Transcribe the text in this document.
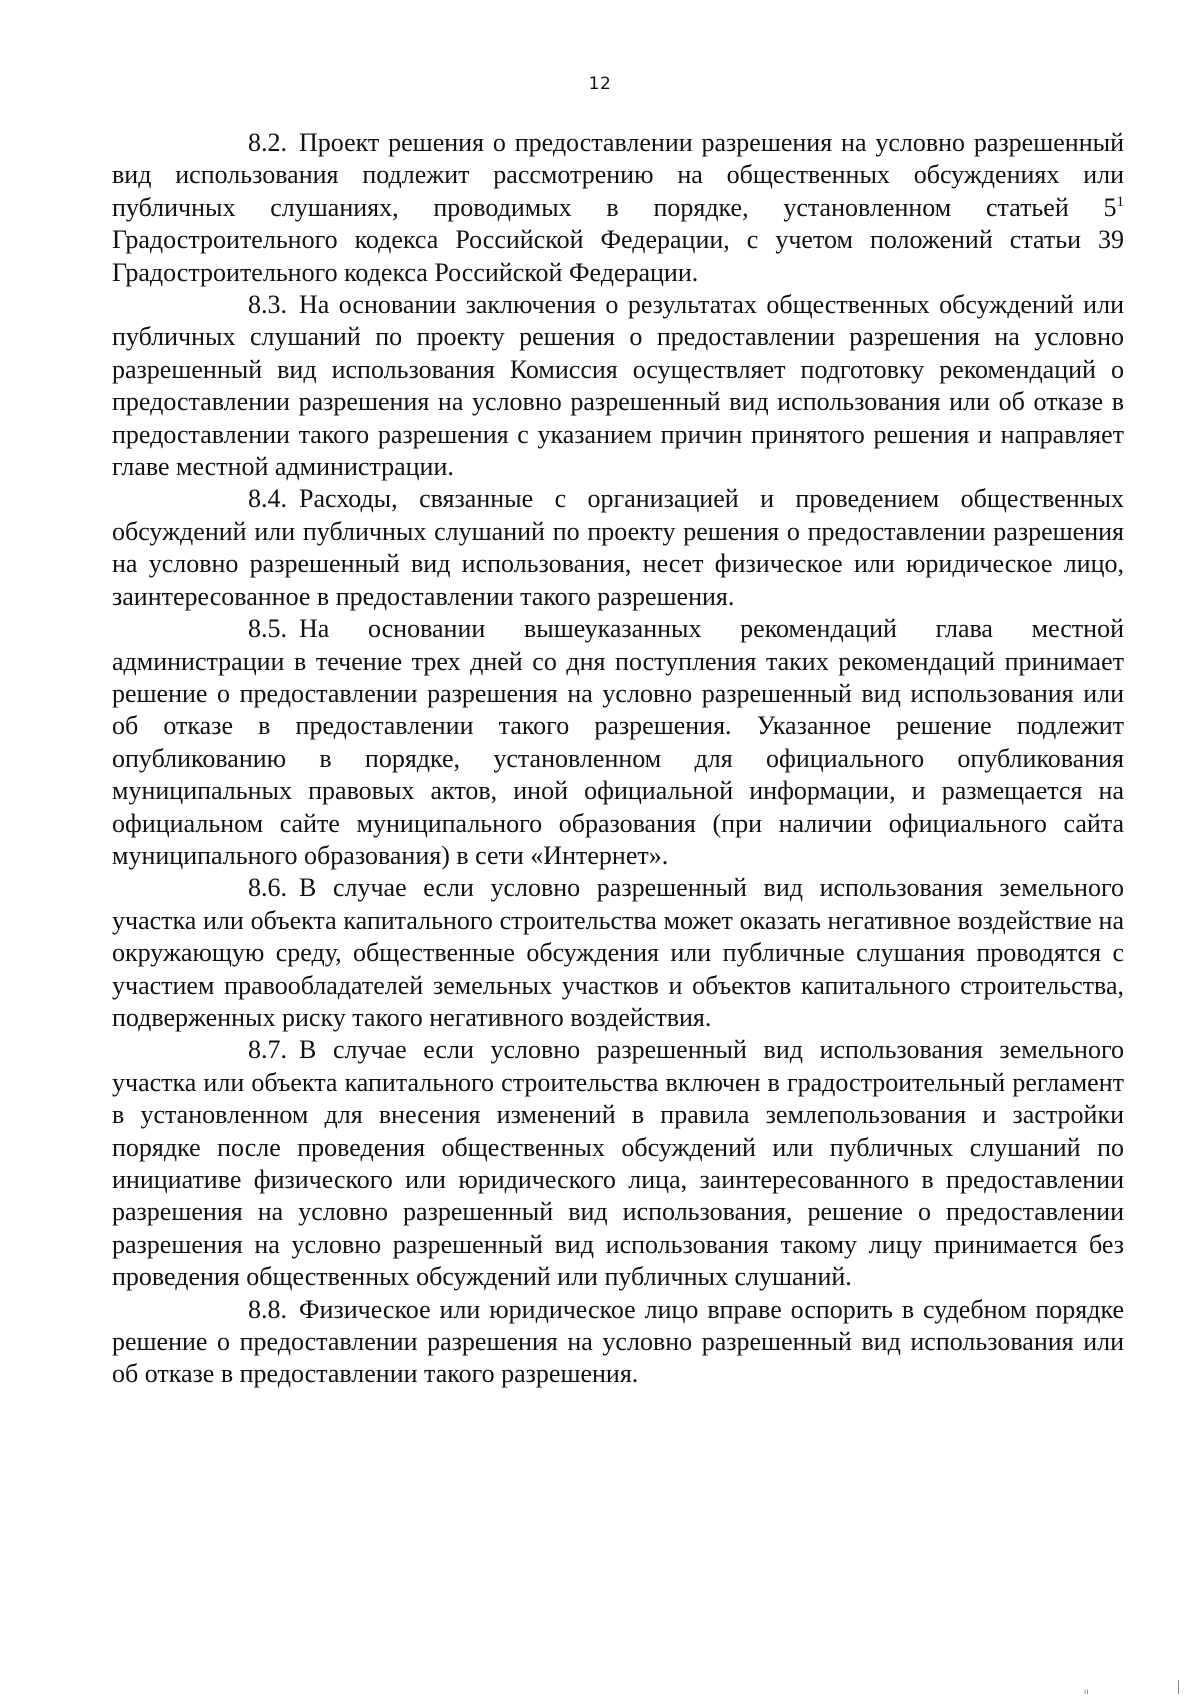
12

8.2. Проект решения о предоставлении разрешения на условно разрешенный вид использования подлежит рассмотрению на общественных обсуждениях или публичных слушаниях, проводимых в порядке, установленном статьей $5^1$ Градостроительного кодекса Российской Федерации, с учетом положений статьи 39 Градостроительного кодекса Российской Федерации.

8.3. На основании заключения о результатах общественных обсуждений или публичных слушаний по проекту решения о предоставлении разрешения на условно разрешенный вид использования Комиссия осуществляет подготовку рекомендаций о предоставлении разрешения на условно разрешенный вид использования или об отказе в предоставлении такого разрешения с указанием причин принятого решения и направляет главе местной администрации.

8.4. Расходы, связанные с организацией и проведением общественных обсуждений или публичных слушаний по проекту решения о предоставлении разрешения на условно разрешенный вид использования, несет физическое или юридическое лицо, заинтересованное в предоставлении такого разрешения.

8.5. На основании вышеуказанных рекомендаций глава местной администрации в течение трех дней со дня поступления таких рекомендаций принимает решение о предоставлении разрешения на условно разрешенный вид использования или об отказе в предоставлении такого разрешения. Указанное решение подлежит опубликованию в порядке, установленном для официального опубликования муниципальных правовых актов, иной официальной информации, и размещается на официальном сайте муниципального образования (при наличии официального сайта муниципального образования) в сети «Интернет».

8.6. В случае если условно разрешенный вид использования земельного участка или объекта капитального строительства может оказать негативное воздействие на окружающую среду, общественные обсуждения или публичные слушания проводятся с участием правообладателей земельных участков и объектов капитального строительства, подверженных риску такого негативного воздействия.

8.7. В случае если условно разрешенный вид использования земельного участка или объекта капитального строительства включен в градостроительный регламент в установленном для внесения изменений в правила землепользования и застройки порядке после проведения общественных обсуждений или публичных слушаний по инициативе физического или юридического лица, заинтересованного в предоставлении разрешения на условно разрешенный вид использования, решение о предоставлении разрешения на условно разрешенный вид использования такому лицу принимается без проведения общественных обсуждений или публичных слушаний.

8.8. Физическое или юридическое лицо вправе оспорить в судебном порядке решение о предоставлении разрешения на условно разрешенный вид использования или об отказе в предоставлении такого разрешения.

ıı
